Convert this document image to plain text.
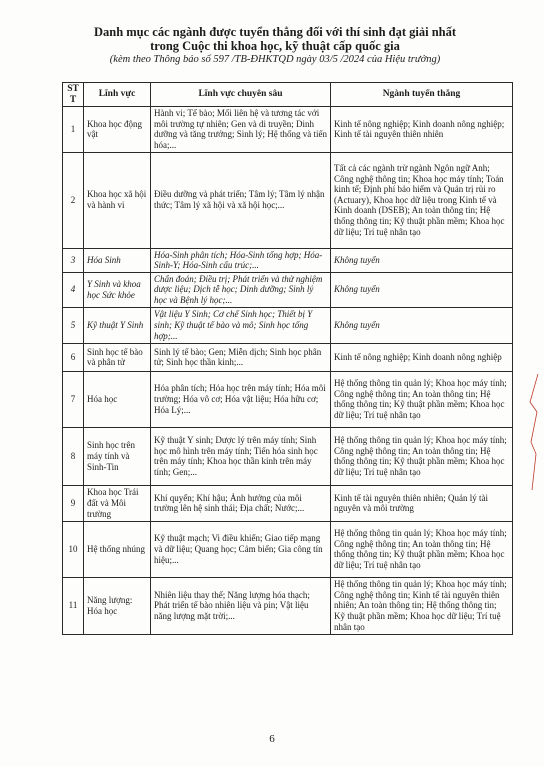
Danh mục các ngành được tuyển thẳng đối với thí sinh đạt giải nhất
trong Cuộc thi khoa học, kỹ thuật cấp quốc gia
(kèm theo Thông báo số 597 /TB-ĐHKTQD ngày 03/5 /2024 của Hiệu trưởng)
STT	Lĩnh vực	Lĩnh vực chuyên sâu	Ngành tuyển thẳng
1	Khoa học động vật	Hành vi; Tế bào; Mối liên hệ và tương tác với môi trường tự nhiên; Gen và di truyền; Dinh dưỡng và tăng trưởng; Sinh lý; Hệ thống và tiến hóa;...	Kinh tế nông nghiệp; Kinh doanh nông nghiệp; Kinh tế tài nguyên thiên nhiên
2	Khoa học xã hội và hành vi	Điều dưỡng và phát triển; Tâm lý; Tâm lý nhận thức; Tâm lý xã hội và xã hội học;...	Tất cả các ngành trừ ngành Ngôn ngữ Anh; Công nghệ thông tin; Khoa học máy tính; Toán kinh tế; Định phí bảo hiểm và Quản trị rủi ro (Actuary), Khoa học dữ liệu trong Kinh tế và Kinh doanh (DSEB); An toàn thông tin; Hệ thống thông tin; Kỹ thuật phần mềm; Khoa học dữ liệu; Trí tuệ nhân tạo
3	Hóa Sinh	Hóa-Sinh phân tích; Hóa-Sinh tổng hợp; Hóa-Sinh-Y; Hóa-Sinh cấu trúc;...	Không tuyển
4	Y Sinh và khoa học Sức khỏe	Chẩn đoán; Điều trị; Phát triển và thử nghiệm dược liệu; Dịch tễ học; Dinh dưỡng; Sinh lý học và Bệnh lý học;...	Không tuyển
5	Kỹ thuật Y Sinh	Vật liệu Y Sinh; Cơ chế Sinh học; Thiết bị Y sinh; Kỹ thuật tế bào và mô; Sinh học tổng hợp;...	Không tuyển
6	Sinh học tế bào và phân tử	Sinh lý tế bào; Gen; Miễn dịch; Sinh học phân tử; Sinh học thần kinh;...	Kinh tế nông nghiệp; Kinh doanh nông nghiệp
7	Hóa học	Hóa phân tích; Hóa học trên máy tính; Hóa môi trường; Hóa vô cơ; Hóa vật liệu; Hóa hữu cơ; Hóa Lý;...	Hệ thống thông tin quản lý; Khoa học máy tính; Công nghệ thông tin; An toàn thông tin; Hệ thống thông tin; Kỹ thuật phần mềm; Khoa học dữ liệu; Trí tuệ nhân tạo
8	Sinh học trên máy tính và Sinh-Tin	Kỹ thuật Y sinh; Dược lý trên máy tính; Sinh học mô hình trên máy tính; Tiến hóa sinh học trên máy tính; Khoa học thần kinh trên máy tính; Gen;...	Hệ thống thông tin quản lý; Khoa học máy tính; Công nghệ thông tin; An toàn thông tin; Hệ thống thông tin; Kỹ thuật phần mềm; Khoa học dữ liệu; Trí tuệ nhân tạo
9	Khoa học Trái đất và Môi trường	Khí quyển; Khí hậu; Ảnh hưởng của môi trường lên hệ sinh thái; Địa chất; Nước;...	Kinh tế tài nguyên thiên nhiên; Quản lý tài nguyên và môi trường
10	Hệ thống nhúng	Kỹ thuật mạch; Vi điều khiển; Giao tiếp mạng và dữ liệu; Quang học; Cảm biến; Gia công tín hiệu;...	Hệ thống thông tin quản lý; Khoa học máy tính; Công nghệ thông tin; An toàn thông tin; Hệ thống thông tin; Kỹ thuật phần mềm; Khoa học dữ liệu; Trí tuệ nhân tạo
11	Năng lượng: Hóa học	Nhiên liệu thay thế; Năng lượng hóa thạch; Phát triển tế bào nhiên liệu và pin; Vật liệu năng lượng mặt trời;...	Hệ thống thông tin quản lý; Khoa học máy tính; Công nghệ thông tin; Kinh tế tài nguyên thiên nhiên; An toàn thông tin; Hệ thống thông tin; Kỹ thuật phần mềm; Khoa học dữ liệu; Trí tuệ nhân tạo
6
